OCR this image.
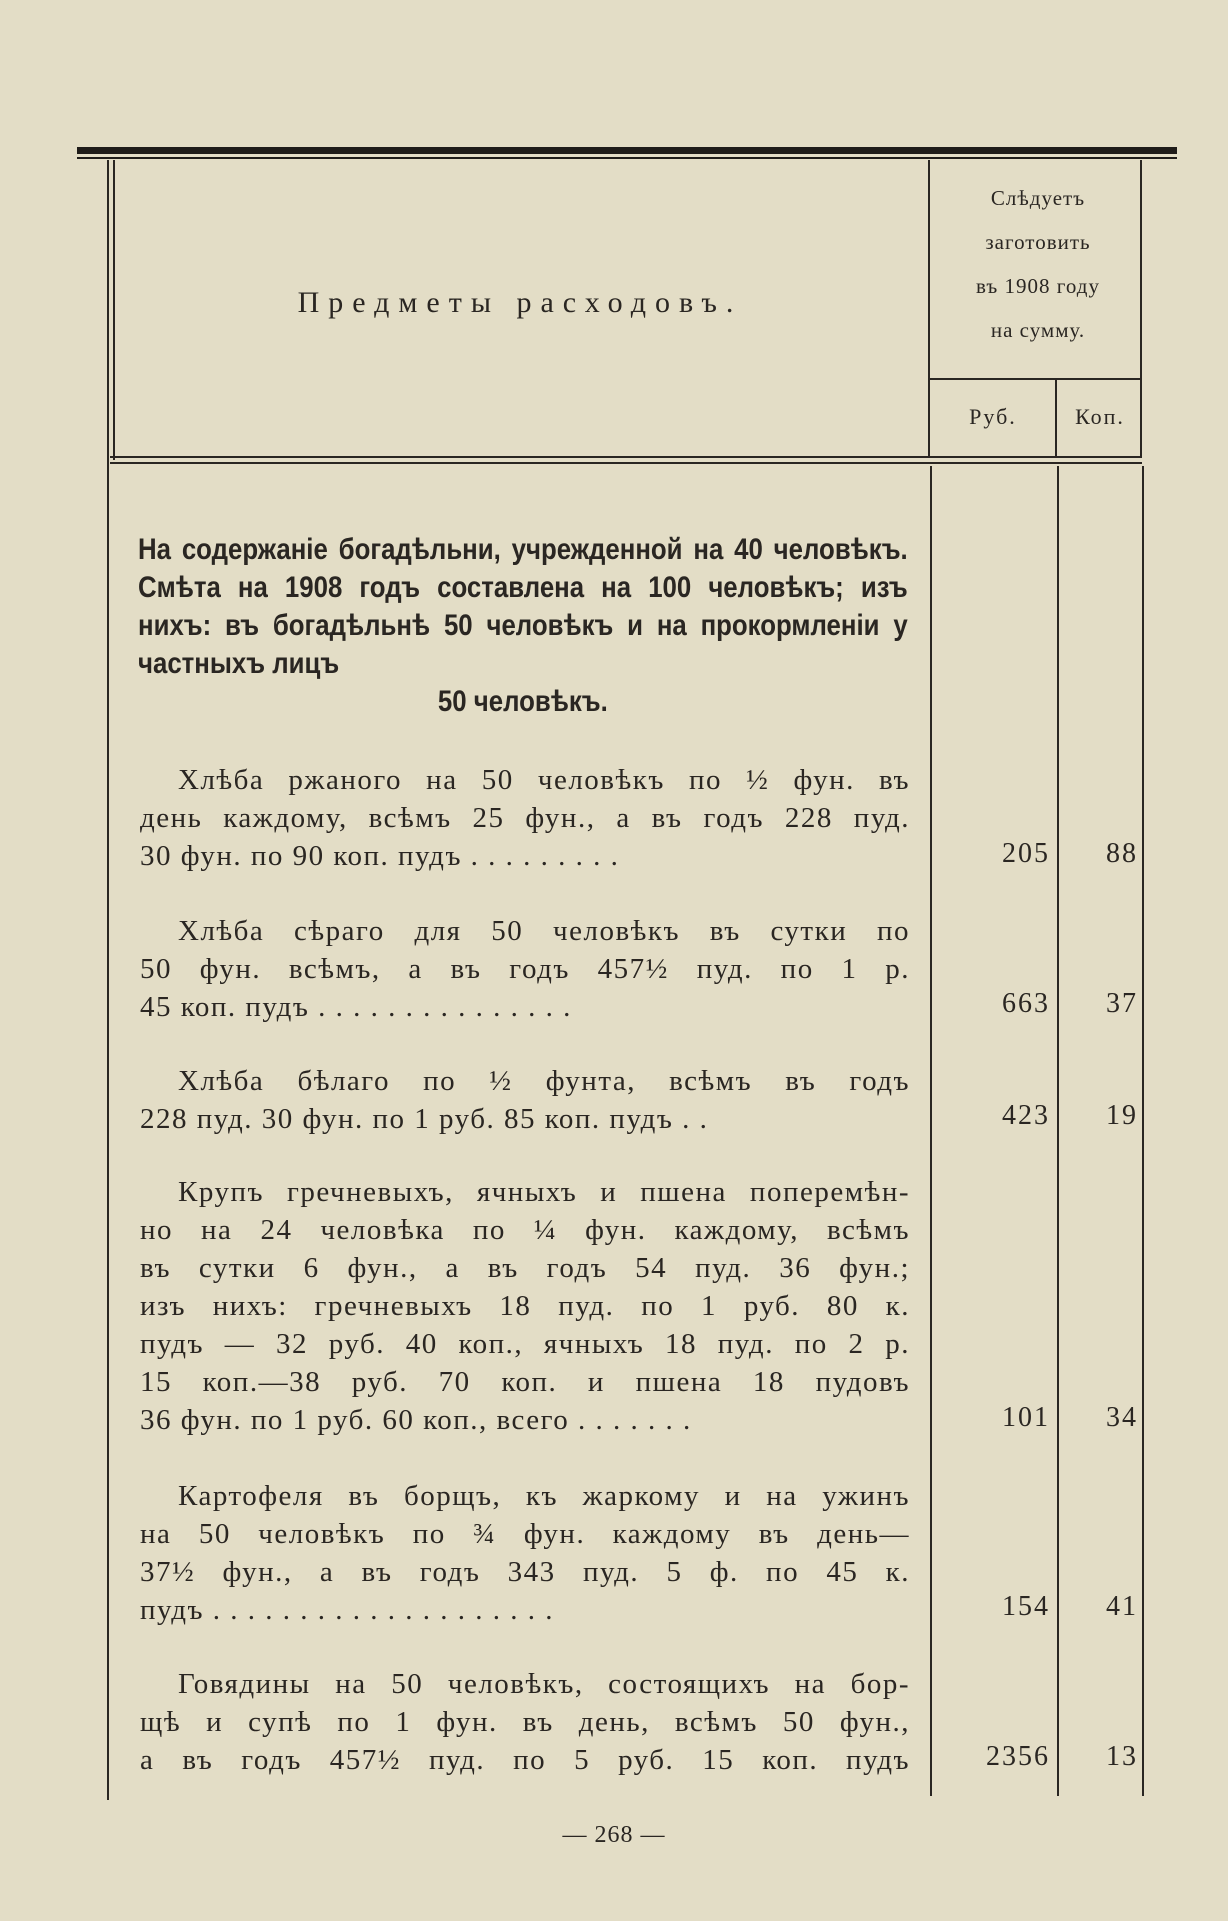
Предметы расходовъ.
Слѣдуетъ
заготовить
въ 1908 году
на сумму.
Руб.	Коп.
На содержаніе богадѣльни, учрежденной на 40 человѣкъ. Смѣта на 1908 годъ составлена на 100 человѣкъ; изъ нихъ: въ богадѣльнѣ 50 человѣкъ и на прокормленіи у частныхъ лицъ
50 человѣкъ.
Хлѣба ржаного на 50 человѣкъ по ½ фун. въ
день каждому, всѣмъ 25 фун., а въ годъ 228 пуд.
30 фун. по 90 коп. пудъ . . . . . . . . .	205	88
Хлѣба сѣраго для 50 человѣкъ въ сутки по
50 фун. всѣмъ, а въ годъ 457½ пуд. по 1 р.
45 коп. пудъ . . . . . . . . . . . . . . .	663	37
Хлѣба бѣлаго по ½ фунта, всѣмъ въ годъ
228 пуд. 30 фун. по 1 руб. 85 коп. пудъ . .	423	19
Крупъ гречневыхъ, ячныхъ и пшена поперемѣн-
но на 24 человѣка по ¼ фун. каждому, всѣмъ
въ сутки 6 фун., а въ годъ 54 пуд. 36 фун.;
изъ нихъ: гречневыхъ 18 пуд. по 1 руб. 80 к.
пудъ — 32 руб. 40 коп., ячныхъ 18 пуд. по 2 р.
15 коп.—38 руб. 70 коп. и пшена 18 пудовъ
36 фун. по 1 руб. 60 коп., всего . . . . . . .	101	34
Картофеля въ борщъ, къ жаркому и на ужинъ
на 50 человѣкъ по ¾ фун. каждому въ день—
37½ фун., а въ годъ 343 пуд. 5 ф. по 45 к.
пудъ . . . . . . . . . . . . . . . . . . . .	154	41
Говядины на 50 человѣкъ, состоящихъ на бор-
щѣ и супѣ по 1 фун. въ день, всѣмъ 50 фун.,
а въ годъ 457½ пуд. по 5 руб. 15 коп. пудъ	2356	13
— 268 —
